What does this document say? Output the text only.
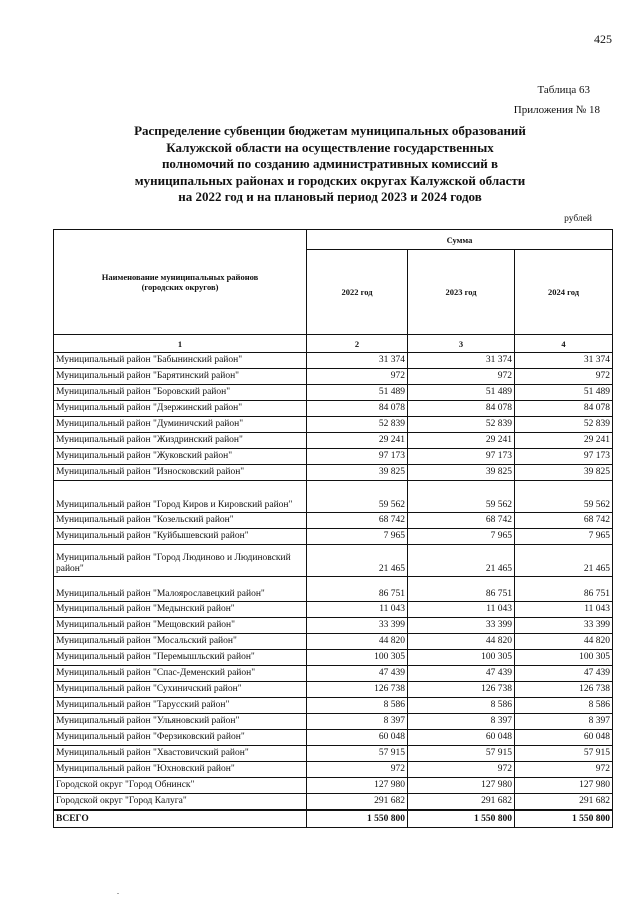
425
Таблица 63
Приложения № 18
Распределение субвенции бюджетам муниципальных образований
Калужской области на осуществление государственных
полномочий по созданию административных комиссий в
муниципальных районах и городских округах Калужской области
на 2022 год и на плановый период 2023 и 2024 годов
рублей
Наименование муниципальных районов (городских округов)	Сумма		
	2022 год	2023 год	2024 год
1	2	3	4
Муниципальный район "Бабынинский район"	31 374	31 374	31 374
Муниципальный район "Барятинский район"	972	972	972
Муниципальный район "Боровский район"	51 489	51 489	51 489
Муниципальный район "Дзержинский район"	84 078	84 078	84 078
Муниципальный район "Думиничский район"	52 839	52 839	52 839
Муниципальный район "Жиздринский район"	29 241	29 241	29 241
Муниципальный район "Жуковский район"	97 173	97 173	97 173
Муниципальный район "Износковский район"	39 825	39 825	39 825
Муниципальный район "Город Киров и Кировский район"	59 562	59 562	59 562
Муниципальный район "Козельский район"	68 742	68 742	68 742
Муниципальный район "Куйбышевский район"	7 965	7 965	7 965
Муниципальный район "Город Людиново и Людиновский район"	21 465	21 465	21 465
Муниципальный район "Малоярославецкий район"	86 751	86 751	86 751
Муниципальный район "Медынский район"	11 043	11 043	11 043
Муниципальный район "Мещовский район"	33 399	33 399	33 399
Муниципальный район "Мосальский район"	44 820	44 820	44 820
Муниципальный район "Перемышльский район"	100 305	100 305	100 305
Муниципальный район "Спас-Деменский район"	47 439	47 439	47 439
Муниципальный район "Сухиничский район"	126 738	126 738	126 738
Муниципальный район "Тарусский район"	8 586	8 586	8 586
Муниципальный район "Ульяновский район"	8 397	8 397	8 397
Муниципальный район "Ферзиковский район"	60 048	60 048	60 048
Муниципальный район "Хвастовичский район"	57 915	57 915	57 915
Муниципальный район "Юхновский район"	972	972	972
Городской округ "Город Обнинск"	127 980	127 980	127 980
Городской округ "Город Калуга"	291 682	291 682	291 682
ВСЕГО	1 550 800	1 550 800	1 550 800
.
